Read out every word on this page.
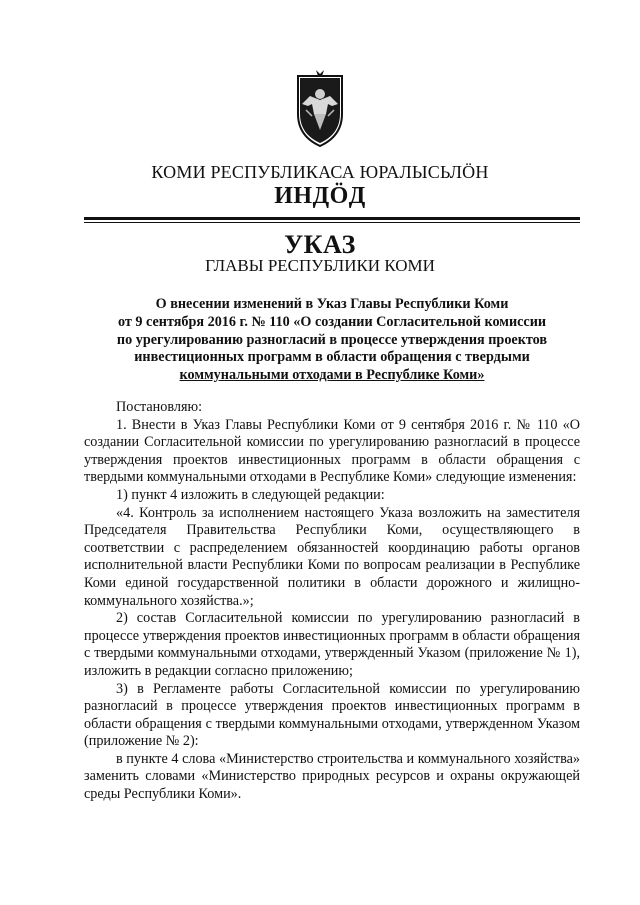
КОМИ РЕСПУБЛИКАСА ЮРАЛЫСЬЛӦН
ИНДӦД
УКАЗ
ГЛАВЫ РЕСПУБЛИКИ КОМИ
О внесении изменений в Указ Главы Республики Коми
от 9 сентября 2016 г. № 110 «О создании Согласительной комиссии
по урегулированию разногласий в процессе утверждения проектов
инвестиционных программ в области обращения с твердыми
коммунальными отходами в Республике Коми»

Постановляю:

1. Внести в Указ Главы Республики Коми от 9 сентября 2016 г. № 110 «О создании Согласительной комиссии по урегулированию разногласий в процессе утверждения проектов инвестиционных программ в области обращения с твердыми коммунальными отходами в Республике Коми» следующие изменения:

1) пункт 4 изложить в следующей редакции:

«4. Контроль за исполнением настоящего Указа возложить на заместителя Председателя Правительства Республики Коми, осуществляющего в соответствии с распределением обязанностей координацию работы органов исполнительной власти Республики Коми по вопросам реализации в Республике Коми единой государственной политики в области дорожного и жилищно-коммунального хозяйства.»;

2) состав Согласительной комиссии по урегулированию разногласий в процессе утверждения проектов инвестиционных программ в области обращения с твердыми коммунальными отходами, утвержденный Указом (приложение № 1), изложить в редакции согласно приложению;

3) в Регламенте работы Согласительной комиссии по урегулированию разногласий в процессе утверждения проектов инвестиционных программ в области обращения с твердыми коммунальными отходами, утвержденном Указом (приложение № 2):

в пункте 4 слова «Министерство строительства и коммунального хозяйства» заменить словами «Министерство природных ресурсов и охраны окружающей среды Республики Коми».
